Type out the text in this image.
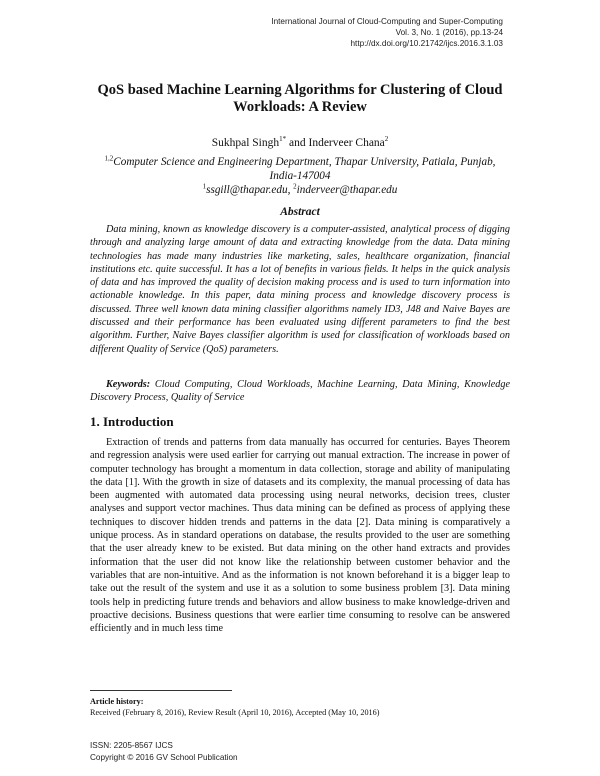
International Journal of Cloud-Computing and Super-Computing
Vol. 3, No. 1 (2016), pp.13-24
http://dx.doi.org/10.21742/ijcs.2016.3.1.03
QoS based Machine Learning Algorithms for Clustering of Cloud Workloads: A Review
Sukhpal Singh$^{1*}$ and Inderveer Chana$^2$
$^{1,2}$Computer Science and Engineering Department, Thapar University, Patiala, Punjab, India-147004
$^1$ssgill@thapar.edu, $^2$inderveer@thapar.edu
Abstract

Data mining, known as knowledge discovery is a computer-assisted, analytical process of digging through and analyzing large amount of data and extracting knowledge from the data. Data mining technologies has made many industries like marketing, sales, healthcare organization, financial institutions etc. quite successful. It has a lot of benefits in various fields. It helps in the quick analysis of data and has improved the quality of decision making process and is used to turn information into actionable knowledge. In this paper, data mining process and knowledge discovery process is discussed. Three well known data mining classifier algorithms namely ID3, J48 and Naive Bayes are discussed and their performance has been evaluated using different parameters to find the best algorithm. Further, Naive Bayes classifier algorithm is used for classification of workloads based on different Quality of Service (QoS) parameters.

Keywords: Cloud Computing, Cloud Workloads, Machine Learning, Data Mining, Knowledge Discovery Process, Quality of Service

1. Introduction

Extraction of trends and patterns from data manually has occurred for centuries. Bayes Theorem and regression analysis were used earlier for carrying out manual extraction. The increase in power of computer technology has brought a momentum in data collection, storage and ability of manipulating the data [1]. With the growth in size of datasets and its complexity, the manual processing of data has been augmented with automated data processing using neural networks, decision trees, cluster analyses and support vector machines. Thus data mining can be defined as process of applying these techniques to discover hidden trends and patterns in the data [2]. Data mining is comparatively a unique process. As in standard operations on database, the results provided to the user are something that the user already knew to be existed. But data mining on the other hand extracts and provides information that the user did not know like the relationship between customer behavior and the variables that are non-intuitive. And as the information is not known beforehand it is a bigger leap to take out the result of the system and use it as a solution to some business problem [3]. Data mining tools help in predicting future trends and behaviors and allow business to make knowledge-driven and proactive decisions. Business questions that were earlier time consuming to resolve can be answered efficiently and in much less time

Article history:
Received (February 8, 2016), Review Result (April 10, 2016), Accepted (May 10, 2016)
ISSN: 2205-8567 IJCS
Copyright © 2016 GV School Publication
